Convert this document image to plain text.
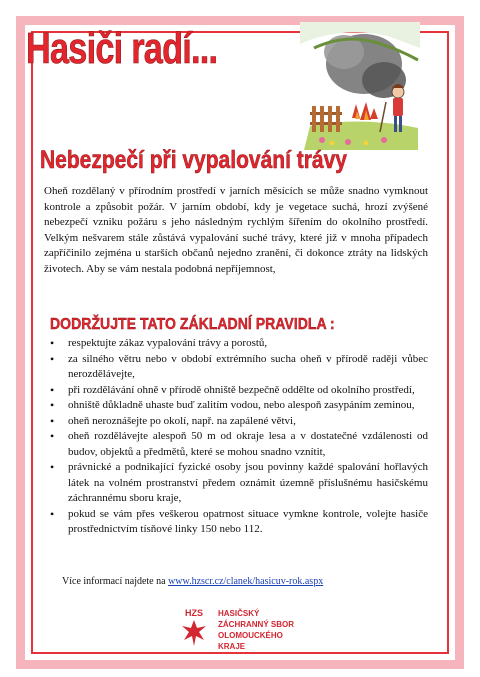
Hasiči radí...
Nebezpečí při vypalování trávy

Oheň rozdělaný v přírodním prostředí v jarních měsících se může snadno vymknout kontrole a způsobit požár. V jarním období, kdy je vegetace suchá, hrozí zvýšené nebezpečí vzniku požáru s jeho následným rychlým šířením do okolního prostředí. Velkým nešvarem stále zůstává vypalování suché trávy, které již v mnoha případech zapříčinilo zejména u starších občanů nejedno zranění, či dokonce ztráty na lidských životech. Aby se vám nestala podobná nepříjemnost,

DODRŽUJTE TATO ZÁKLADNÍ PRAVIDLA :
• respektujte zákaz vypalování trávy a porostů,
• za silného větru nebo v období extrémního sucha oheň v přírodě raději vůbec nerozdělávejte,
• při rozdělávání ohně v přírodě ohniště bezpečně oddělte od okolního prostředí,
• ohniště důkladně uhaste buď zalitím vodou, nebo alespoň zasypáním zeminou,
• oheň neroznášejte po okolí, např. na zapálené větvi,
• oheň rozdělávejte alespoň 50 m od okraje lesa a v dostatečné vzdálenosti od budov, objektů a předmětů, které se mohou snadno vznítit,
• právnické a podnikající fyzické osoby jsou povinny každé spalování hořlavých látek na volném prostranství předem oznámit územně příslušnému hasičskému záchrannému sboru kraje,
• pokud se vám přes veškerou opatrnost situace vymkne kontrole, volejte hasiče prostřednictvím tísňové linky 150 nebo 112.
Více informací najdete na www.hzscr.cz/clanek/hasicuv-rok.aspx
HZS HASIČSKÝ
ZÁCHRANNÝ SBOR
OLOMOUCKÉHO
KRAJE
